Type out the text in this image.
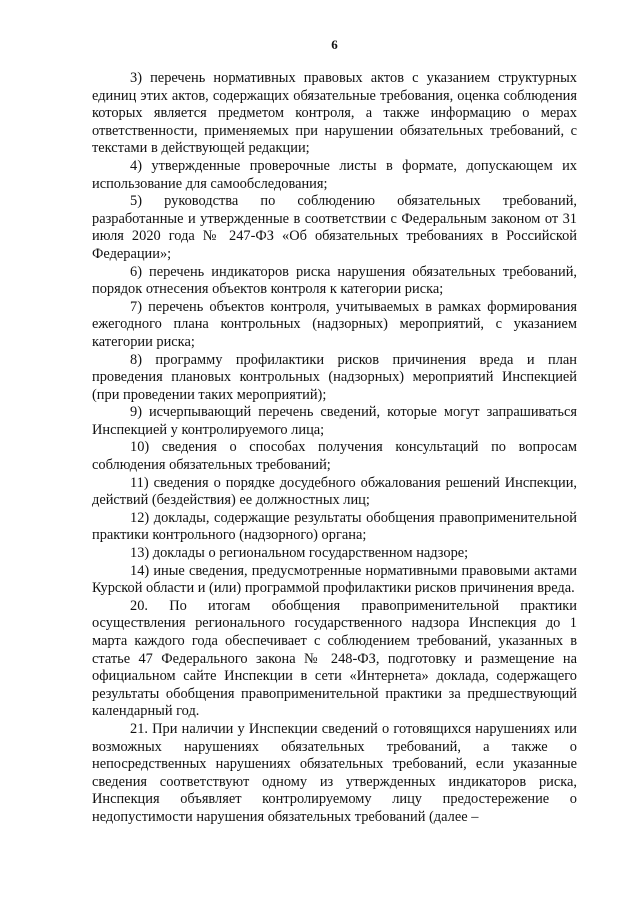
6

3) перечень нормативных правовых актов с указанием структурных единиц этих актов, содержащих обязательные требования, оценка соблюдения которых является предметом контроля, а также информацию о мерах ответственности, применяемых при нарушении обязательных требований, с текстами в действующей редакции;

4) утвержденные проверочные листы в формате, допускающем их использование для самообследования;

5) руководства по соблюдению обязательных требований, разработанные и утвержденные в соответствии с Федеральным законом от 31 июля 2020 года № 247-ФЗ «Об обязательных требованиях в Российской Федерации»;

6) перечень индикаторов риска нарушения обязательных требований, порядок отнесения объектов контроля к категории риска;

7) перечень объектов контроля, учитываемых в рамках формирования ежегодного плана контрольных (надзорных) мероприятий, с указанием категории риска;

8) программу профилактики рисков причинения вреда и план проведения плановых контрольных (надзорных) мероприятий Инспекцией (при проведении таких мероприятий);

9) исчерпывающий перечень сведений, которые могут запрашиваться Инспекцией у контролируемого лица;

10) сведения о способах получения консультаций по вопросам соблюдения обязательных требований;

11) сведения о порядке досудебного обжалования решений Инспекции, действий (бездействия) ее должностных лиц;

12) доклады, содержащие результаты обобщения правоприменительной практики контрольного (надзорного) органа;

13) доклады о региональном государственном надзоре;

14) иные сведения, предусмотренные нормативными правовыми актами Курской области и (или) программой профилактики рисков причинения вреда.

20. По итогам обобщения правоприменительной практики осуществления регионального государственного надзора Инспекция до 1 марта каждого года обеспечивает с соблюдением требований, указанных в статье 47 Федерального закона № 248-ФЗ, подготовку и размещение на официальном сайте Инспекции в сети «Интернета» доклада, содержащего результаты обобщения правоприменительной практики за предшествующий календарный год.

21. При наличии у Инспекции сведений о готовящихся нарушениях или возможных нарушениях обязательных требований, а также о непосредственных нарушениях обязательных требований, если указанные сведения соответствуют одному из утвержденных индикаторов риска, Инспекция объявляет контролируемому лицу предостережение о недопустимости нарушения обязательных требований (далее –
